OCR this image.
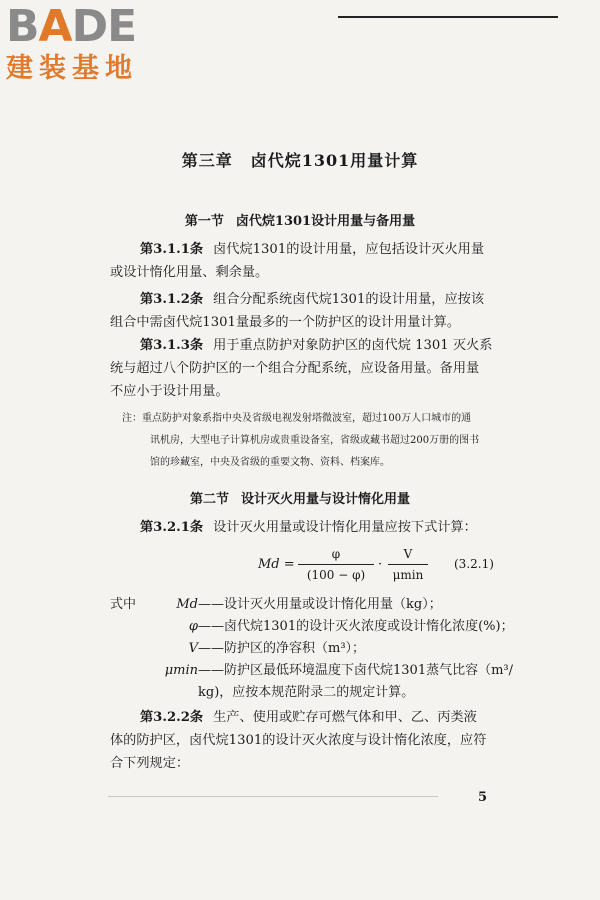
BADE
建装基地
第三章 卤代烷1301用量计算
第一节 卤代烷1301设计用量与备用量
第3.1.1条 卤代烷1301的设计用量，应包括设计灭火用量
或设计惰化用量、剩余量。
第3.1.2条 组合分配系统卤代烷1301的设计用量，应按该
组合中需卤代烷1301量最多的一个防护区的设计用量计算。
第3.1.3条 用于重点防护对象防护区的卤代烷 1301 灭火系
统与超过八个防护区的一个组合分配系统，应设备用量。备用量
不应小于设计用量。
注：重点防护对象系指中央及省级电视发射塔微波室，超过100万人口城市的通
讯机房，大型电子计算机房或贵重设备室，省级或藏书超过200万册的图书
馆的珍藏室，中央及省级的重要文物、资料、档案库。
第二节 设计灭火用量与设计惰化用量
第3.2.1条 设计灭火用量或设计惰化用量应按下式计算：
Md =
φ
(100 − φ)
·
V
μmin
(3.2.1)
式中	Md——设计灭火用量或设计惰化用量（kg）；
φ——卤代烷1301的设计灭火浓度或设计惰化浓度(%)；
V——防护区的净容积（m³）；
μmin——防护区最低环境温度下卤代烷1301蒸气比容（m³/
kg)，应按本规范附录二的规定计算。
第3.2.2条 生产、使用或贮存可燃气体和甲、乙、丙类液
体的防护区，卤代烷1301的设计灭火浓度与设计惰化浓度，应符
合下列规定：
5
